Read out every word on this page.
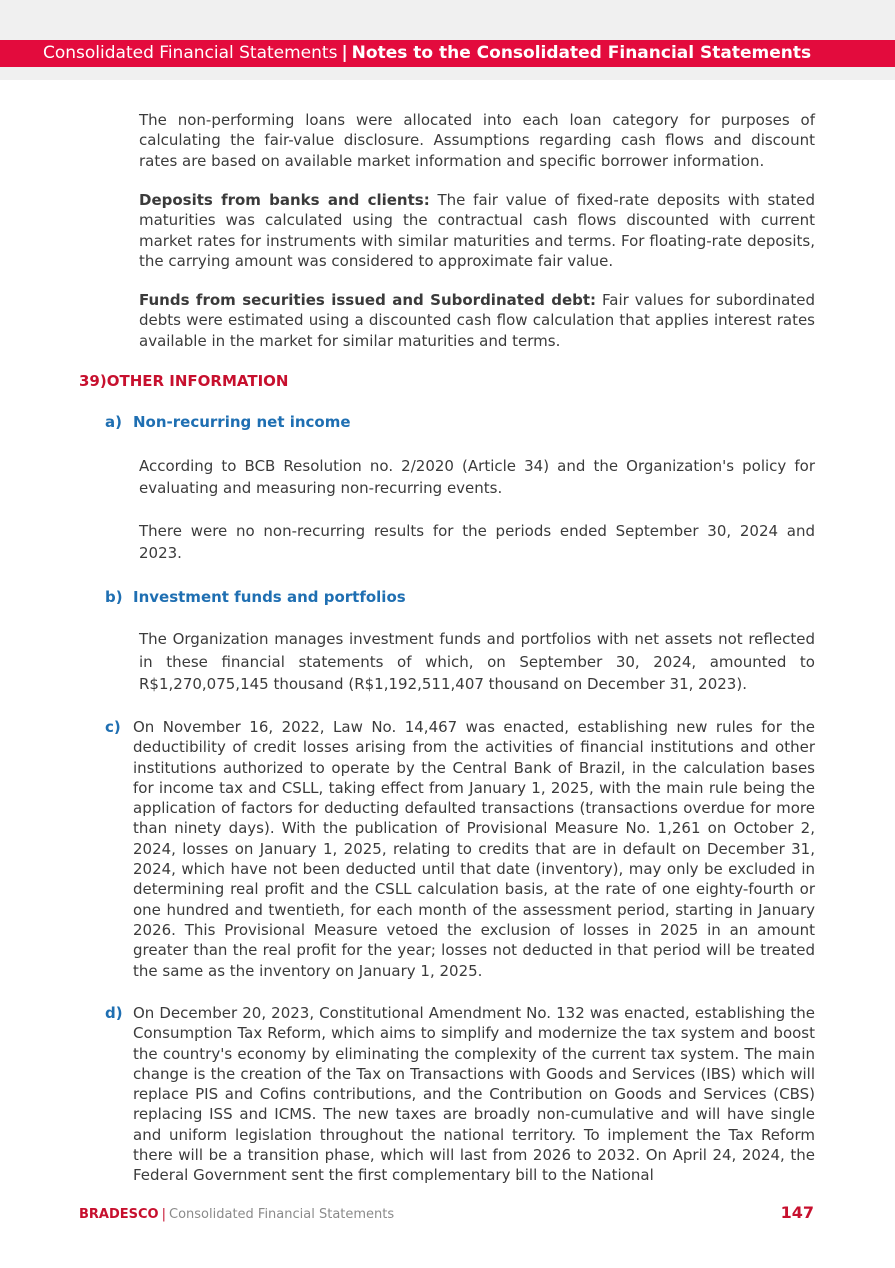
Consolidated Financial Statements | Notes to the Consolidated Financial Statements

The non-performing loans were allocated into each loan category for purposes of calculating the fair-value disclosure. Assumptions regarding cash flows and discount rates are based on available market information and specific borrower information.

Deposits from banks and clients: The fair value of fixed-rate deposits with stated maturities was calculated using the contractual cash flows discounted with current market rates for instruments with similar maturities and terms. For floating-rate deposits, the carrying amount was considered to approximate fair value.

Funds from securities issued and Subordinated debt: Fair values for subordinated debts were estimated using a discounted cash flow calculation that applies interest rates available in the market for similar maturities and terms.

39)OTHER INFORMATION
a) Non-recurring net income

According to BCB Resolution no. 2/2020 (Article 34) and the Organization's policy for evaluating and measuring non-recurring events.

There were no non-recurring results for the periods ended September 30, 2024 and 2023.

b) Investment funds and portfolios

The Organization manages investment funds and portfolios with net assets not reflected in these financial statements of which, on September 30, 2024, amounted to R$1,270,075,145 thousand (R$1,192,511,407 thousand on December 31, 2023).

c) On November 16, 2022, Law No. 14,467 was enacted, establishing new rules for the deductibility of credit losses arising from the activities of financial institutions and other institutions authorized to operate by the Central Bank of Brazil, in the calculation bases for income tax and CSLL, taking effect from January 1, 2025, with the main rule being the application of factors for deducting defaulted transactions (transactions overdue for more than ninety days). With the publication of Provisional Measure No. 1,261 on October 2, 2024, losses on January 1, 2025, relating to credits that are in default on December 31, 2024, which have not been deducted until that date (inventory), may only be excluded in determining real profit and the CSLL calculation basis, at the rate of one eighty-fourth or one hundred and twentieth, for each month of the assessment period, starting in January 2026. This Provisional Measure vetoed the exclusion of losses in 2025 in an amount greater than the real profit for the year; losses not deducted in that period will be treated the same as the inventory on January 1, 2025.

d) On December 20, 2023, Constitutional Amendment No. 132 was enacted, establishing the Consumption Tax Reform, which aims to simplify and modernize the tax system and boost the country's economy by eliminating the complexity of the current tax system. The main change is the creation of the Tax on Transactions with Goods and Services (IBS) which will replace PIS and Cofins contributions, and the Contribution on Goods and Services (CBS) replacing ISS and ICMS. The new taxes are broadly non-cumulative and will have single and uniform legislation throughout the national territory. To implement the Tax Reform there will be a transition phase, which will last from 2026 to 2032. On April 24, 2024, the Federal Government sent the first complementary bill to the National

BRADESCO | Consolidated Financial Statements	147
